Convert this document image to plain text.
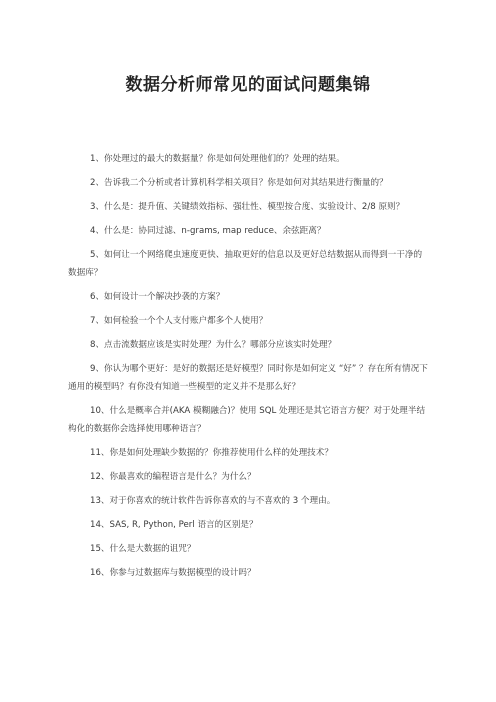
数据分析师常见的面试问题集锦
1、你处理过的最大的数据量？你是如何处理他们的？处理的结果。
2、告诉我二个分析或者计算机科学相关项目？你是如何对其结果进行衡量的？
3、什么是：提升值、关键绩效指标、强壮性、模型按合度、实验设计、2/8 原则？
4、什么是：协同过滤、n-grams, map reduce、余弦距离？
5、如何让一个网络爬虫速度更快、抽取更好的信息以及更好总结数据从而得到一干净的数据库？
6、如何设计一个解决抄袭的方案？
7、如何检验一个个人支付账户都多个人使用？
8、点击流数据应该是实时处理？为什么？哪部分应该实时处理？
9、你认为哪个更好：是好的数据还是好模型？同时你是如何定义 “好” ？存在所有情况下通用的模型吗？有你没有知道一些模型的定义并不是那么好？
10、什么是概率合并(AKA 模糊融合)？使用 SQL 处理还是其它语言方便？对于处理半结构化的数据你会选择使用哪种语言？
11、你是如何处理缺少数据的？你推荐使用什么样的处理技术？
12、你最喜欢的编程语言是什么？为什么？
13、对于你喜欢的统计软件告诉你喜欢的与不喜欢的 3 个理由。
14、SAS, R, Python, Perl 语言的区别是？
15、什么是大数据的诅咒？
16、你参与过数据库与数据模型的设计吗？
